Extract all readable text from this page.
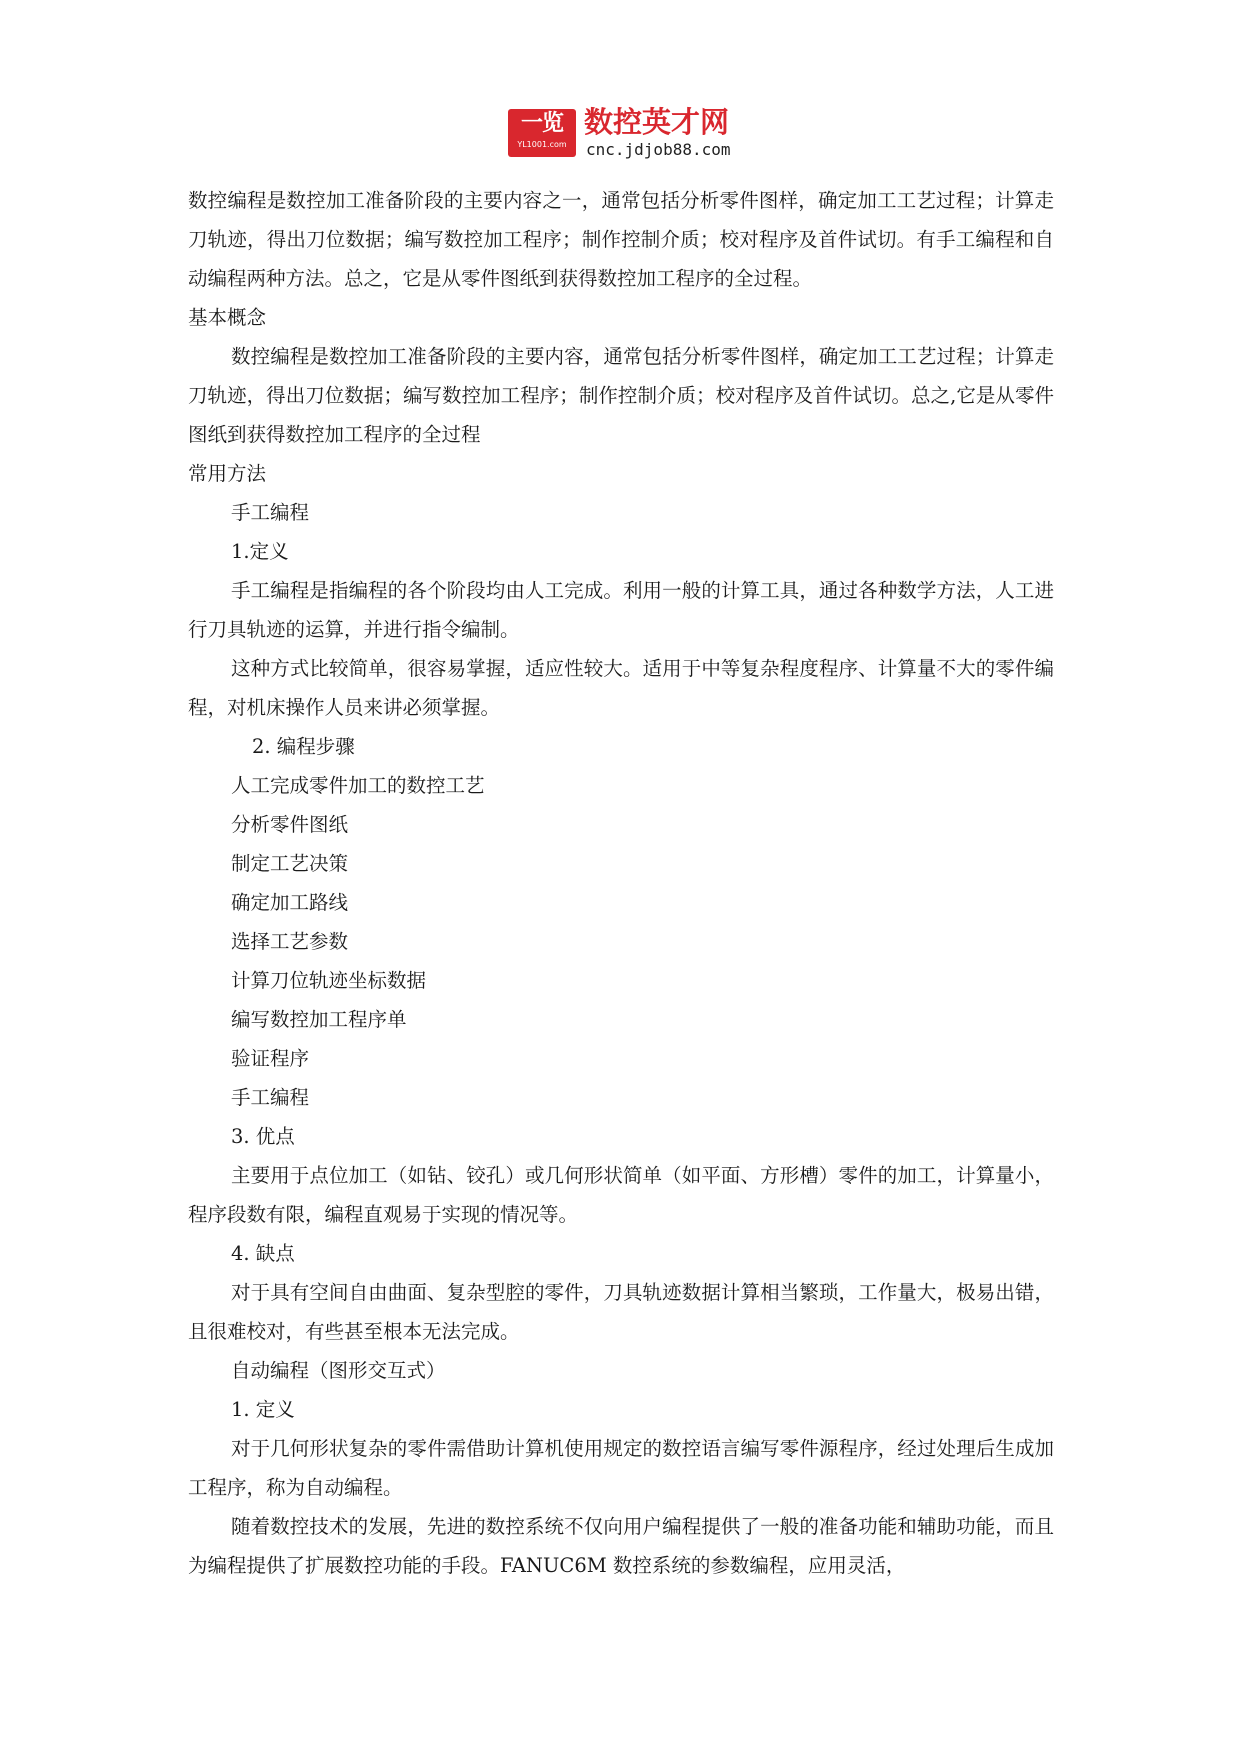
一览
YL1001.com
数控英才网
cnc.jdjob88.com

数控编程是数控加工准备阶段的主要内容之一，通常包括分析零件图样，确定加工工艺过程；计算走刀轨迹，得出刀位数据；编写数控加工程序；制作控制介质；校对程序及首件试切。有手工编程和自动编程两种方法。总之，它是从零件图纸到获得数控加工程序的全过程。

基本概念

数控编程是数控加工准备阶段的主要内容，通常包括分析零件图样，确定加工工艺过程；计算走刀轨迹，得出刀位数据；编写数控加工程序；制作控制介质；校对程序及首件试切。总之,它是从零件图纸到获得数控加工程序的全过程

常用方法

手工编程

1.定义

手工编程是指编程的各个阶段均由人工完成。利用一般的计算工具，通过各种数学方法，人工进行刀具轨迹的运算，并进行指令编制。

这种方式比较简单，很容易掌握，适应性较大。适用于中等复杂程度程序、计算量不大的零件编程，对机床操作人员来讲必须掌握。

2. 编程步骤

人工完成零件加工的数控工艺

分析零件图纸

制定工艺决策

确定加工路线

选择工艺参数

计算刀位轨迹坐标数据

编写数控加工程序单

验证程序

手工编程

3. 优点

主要用于点位加工（如钻、铰孔）或几何形状简单（如平面、方形槽）零件的加工，计算量小，程序段数有限，编程直观易于实现的情况等。

4. 缺点

对于具有空间自由曲面、复杂型腔的零件，刀具轨迹数据计算相当繁琐，工作量大，极易出错，且很难校对，有些甚至根本无法完成。

自动编程（图形交互式）

1. 定义

对于几何形状复杂的零件需借助计算机使用规定的数控语言编写零件源程序，经过处理后生成加工程序，称为自动编程。

随着数控技术的发展，先进的数控系统不仅向用户编程提供了一般的准备功能和辅助功能，而且为编程提供了扩展数控功能的手段。FANUC6M 数控系统的参数编程，应用灵活，
